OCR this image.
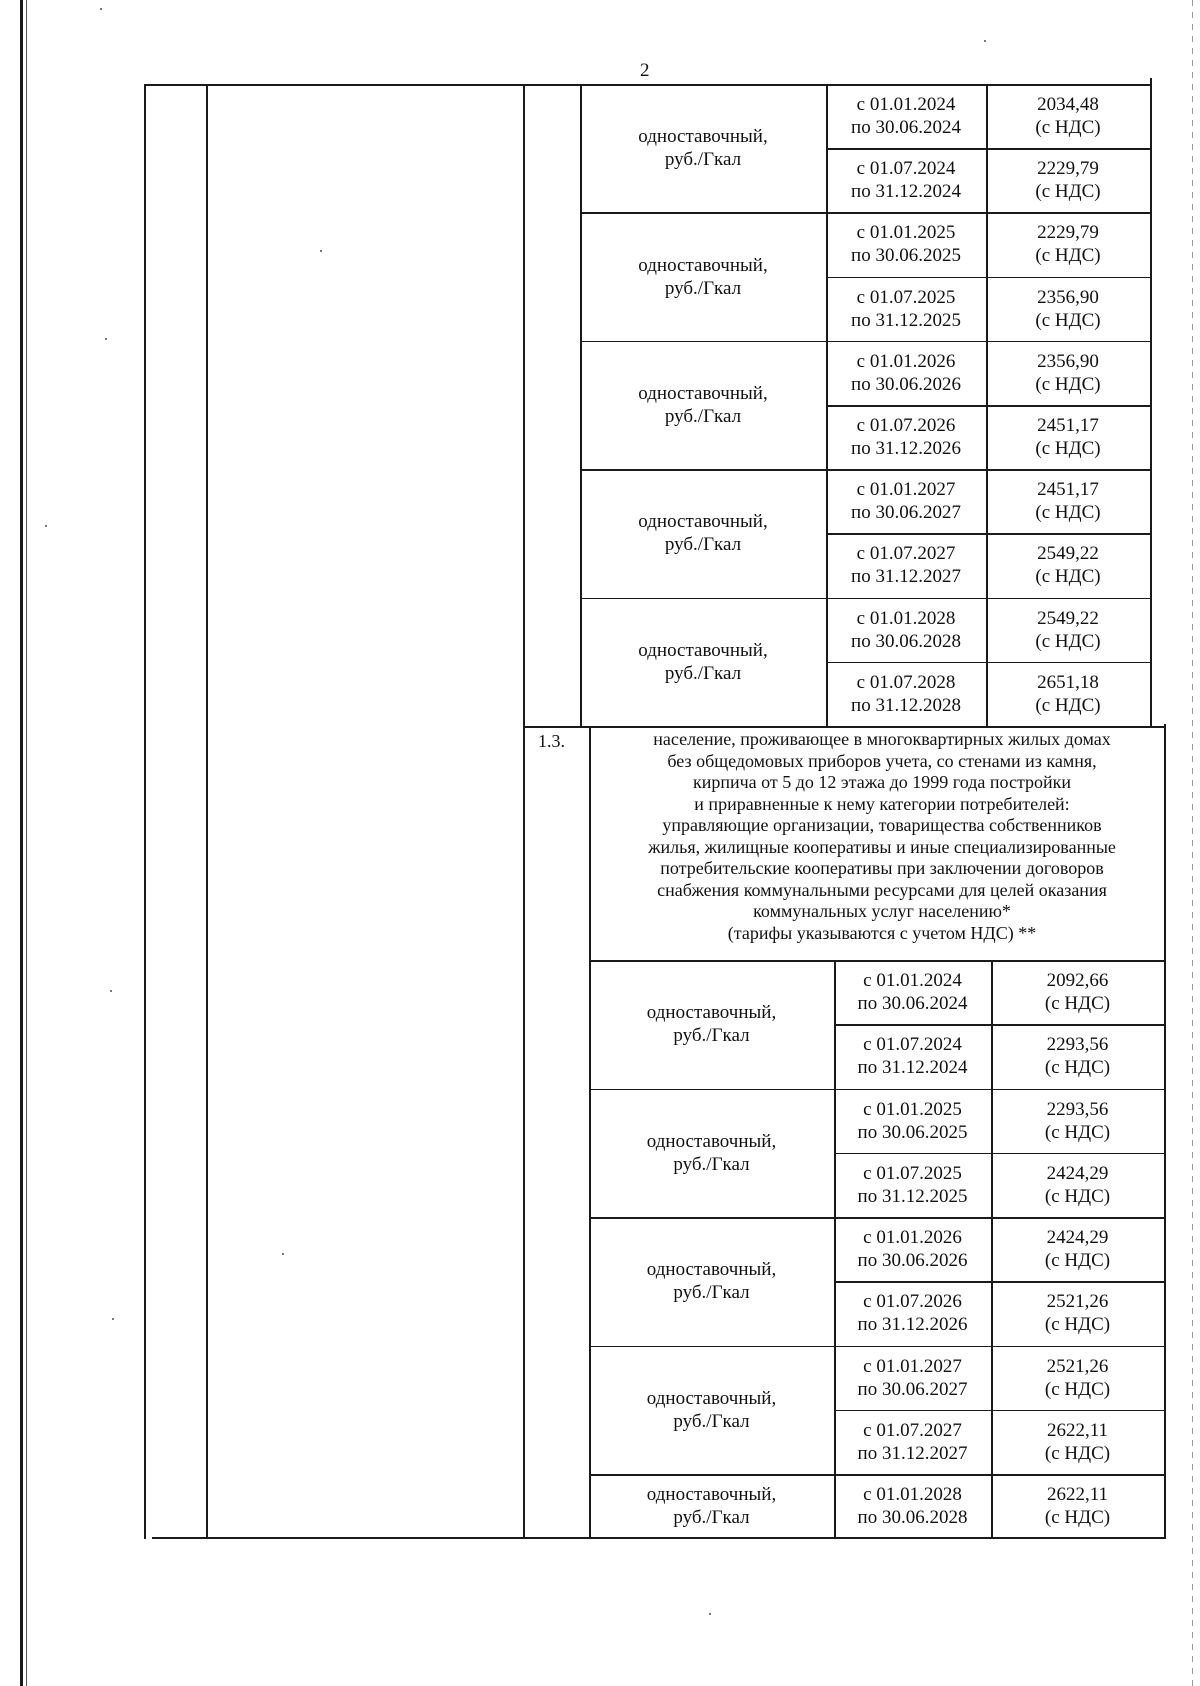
2
1.3.	население, проживающее в многоквартирных жилых домах
без общедомовых приборов учета, со стенами из камня,
кирпича от 5 до 12 этажа до 1999 года постройки
и приравненные к нему категории потребителей:
управляющие организации, товарищества собственников
жилья, жилищные кооперативы и иные специализированные
потребительские кооперативы при заключении договоров
снабжения коммунальными ресурсами для целей оказания
коммунальных услуг населению*
(тарифы указываются с учетом НДС) **
одноставочный,
руб./Гкал
с 01.01.2024
по 30.06.2024
2034,48
(с НДС)
с 01.07.2024
по 31.12.2024
2229,79
(с НДС)
одноставочный,
руб./Гкал
с 01.01.2025
по 30.06.2025
2229,79
(с НДС)
с 01.07.2025
по 31.12.2025
2356,90
(с НДС)
одноставочный,
руб./Гкал
с 01.01.2026
по 30.06.2026
2356,90
(с НДС)
с 01.07.2026
по 31.12.2026
2451,17
(с НДС)
одноставочный,
руб./Гкал
с 01.01.2027
по 30.06.2027
2451,17
(с НДС)
с 01.07.2027
по 31.12.2027
2549,22
(с НДС)
одноставочный,
руб./Гкал
с 01.01.2028
по 30.06.2028
2549,22
(с НДС)
с 01.07.2028
по 31.12.2028
2651,18
(с НДС)
одноставочный,
руб./Гкал
с 01.01.2024
по 30.06.2024
2092,66
(с НДС)
с 01.07.2024
по 31.12.2024
2293,56
(с НДС)
одноставочный,
руб./Гкал
с 01.01.2025
по 30.06.2025
2293,56
(с НДС)
с 01.07.2025
по 31.12.2025
2424,29
(с НДС)
одноставочный,
руб./Гкал
с 01.01.2026
по 30.06.2026
2424,29
(с НДС)
с 01.07.2026
по 31.12.2026
2521,26
(с НДС)
одноставочный,
руб./Гкал
с 01.01.2027
по 30.06.2027
2521,26
(с НДС)
с 01.07.2027
по 31.12.2027
2622,11
(с НДС)
одноставочный,
руб./Гкал
с 01.01.2028
по 30.06.2028
2622,11
(с НДС)
